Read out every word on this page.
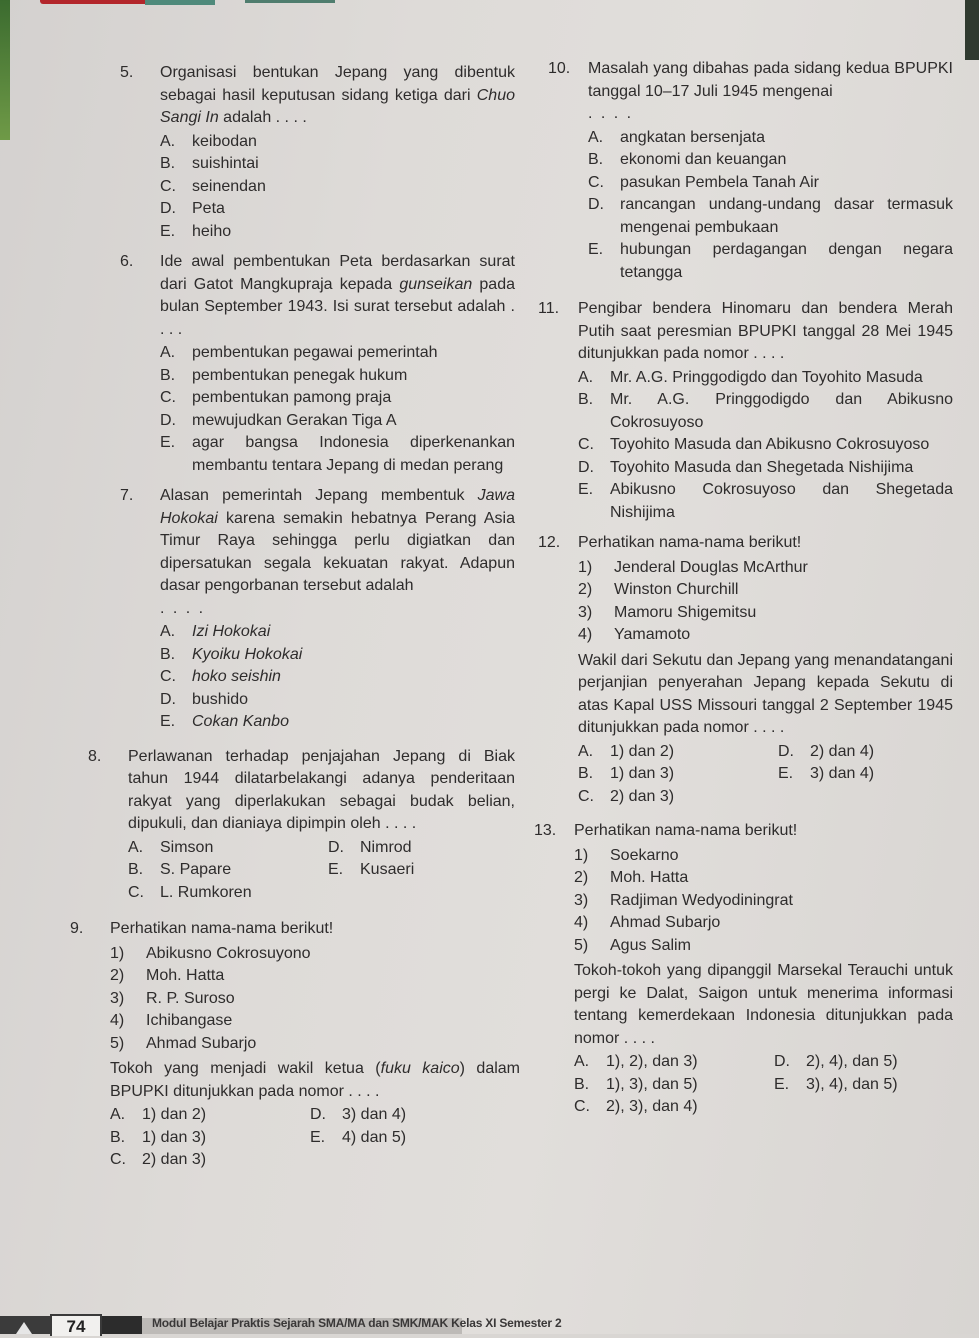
5. Organisasi bentukan Jepang yang dibentuk sebagai hasil keputusan sidang ketiga dari Chuo Sangi In adalah . . . .
A. keibodan
B. suishintai
C. seinendan
D. Peta
E. heiho
6. Ide awal pembentukan Peta berdasarkan surat dari Gatot Mangkupraja kepada gunseikan pada bulan September 1943. Isi surat tersebut adalah . . . .
A. pembentukan pegawai pemerintah
B. pembentukan penegak hukum
C. pembentukan pamong praja
D. mewujudkan Gerakan Tiga A
E. agar bangsa Indonesia diperkenankan membantu tentara Jepang di medan perang
7. Alasan pemerintah Jepang membentuk Jawa Hokokai karena semakin hebatnya Perang Asia Timur Raya sehingga perlu digiatkan dan dipersatukan segala kekuatan rakyat. Adapun dasar pengorbanan tersebut adalah
. . . .
A. Izi Hokokai
B. Kyoiku Hokokai
C. hoko seishin
D. bushido
E. Cokan Kanbo
8. Perlawanan terhadap penjajahan Jepang di Biak tahun 1944 dilatarbelakangi adanya penderitaan rakyat yang diperlakukan sebagai budak belian, dipukuli, dan dianiaya dipimpin oleh . . . .
A. Simson	D. Nimrod
B. S. Papare	E. Kusaeri
C. L. Rumkoren
9. Perhatikan nama-nama berikut!
1) Abikusno Cokrosuyono
2) Moh. Hatta
3) R. P. Suroso
4) Ichibangase
5) Ahmad Subarjo
Tokoh yang menjadi wakil ketua (fuku kaico) dalam BPUPKI ditunjukkan pada nomor . . . .
A. 1) dan 2)	D. 3) dan 4)
B. 1) dan 3)	E. 4) dan 5)
C. 2) dan 3)
10. Masalah yang dibahas pada sidang kedua BPUPKI tanggal 10–17 Juli 1945 mengenai
. . . .
A. angkatan bersenjata
B. ekonomi dan keuangan
C. pasukan Pembela Tanah Air
D. rancangan undang-undang dasar termasuk mengenai pembukaan
E. hubungan perdagangan dengan negara tetangga
11. Pengibar bendera Hinomaru dan bendera Merah Putih saat peresmian BPUPKI tanggal 28 Mei 1945 ditunjukkan pada nomor . . . .
A. Mr. A.G. Pringgodigdo dan Toyohito Masuda
B. Mr. A.G. Pringgodigdo dan Abikusno Cokrosuyoso
C. Toyohito Masuda dan Abikusno Cokrosuyoso
D. Toyohito Masuda dan Shegetada Nishijima
E. Abikusno Cokrosuyoso dan Shegetada Nishijima
12. Perhatikan nama-nama berikut!
1) Jenderal Douglas McArthur
2) Winston Churchill
3) Mamoru Shigemitsu
4) Yamamoto
Wakil dari Sekutu dan Jepang yang menandatangani perjanjian penyerahan Jepang kepada Sekutu di atas Kapal USS Missouri tanggal 2 September 1945 ditunjukkan pada nomor . . . .
A. 1) dan 2)	D. 2) dan 4)
B. 1) dan 3)	E. 3) dan 4)
C. 2) dan 3)
13. Perhatikan nama-nama berikut!
1) Soekarno
2) Moh. Hatta
3) Radjiman Wedyodiningrat
4) Ahmad Subarjo
5) Agus Salim
Tokoh-tokoh yang dipanggil Marsekal Terauchi untuk pergi ke Dalat, Saigon untuk menerima informasi tentang kemerdekaan Indonesia ditunjukkan pada nomor . . . .
A. 1), 2), dan 3)	D. 2), 4), dan 5)
B. 1), 3), dan 5)	E. 3), 4), dan 5)
C. 2), 3), dan 4)
74	Modul Belajar Praktis Sejarah SMA/MA dan SMK/MAK Kelas XI Semester 2
